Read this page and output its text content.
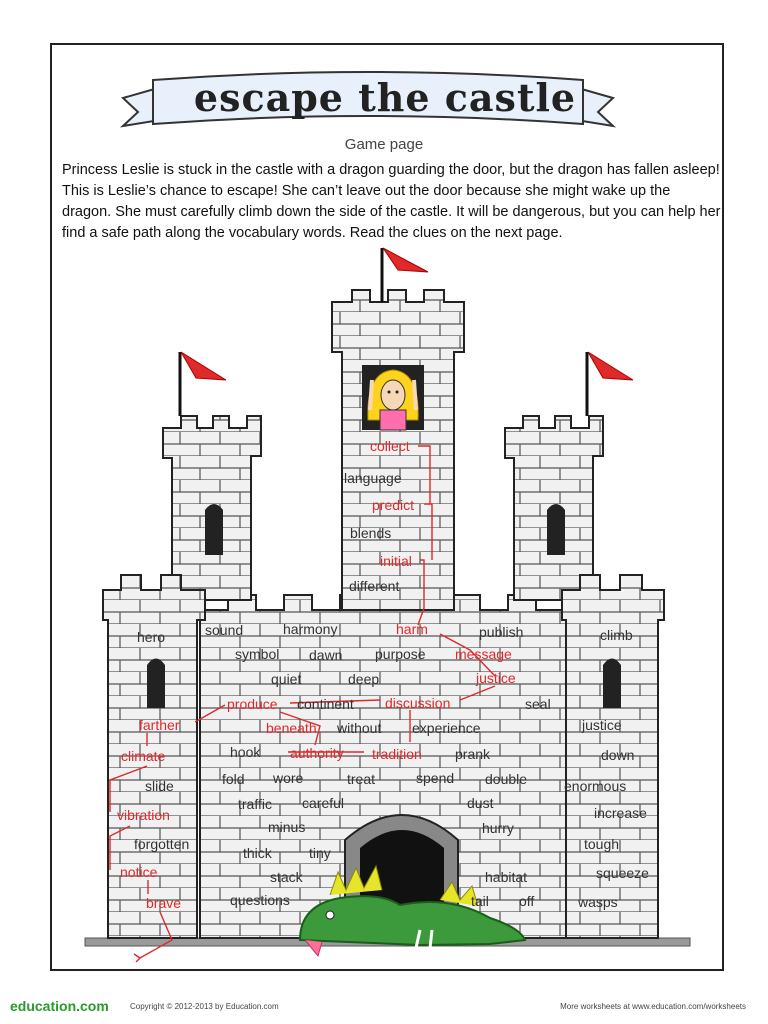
escape the castle
Game page
Princess Leslie is stuck in the castle with a dragon guarding the door, but the dragon has fallen asleep! This is Leslie’s chance to escape! She can’t leave out the door because she might wake up the dragon. She must carefully climb down the side of the castle. It will be dangerous, but you can help her find a safe path along the vocabulary words. Read the clues on the next page.
collect
language
predict
blends
initial
different
hero
farther
climate
slide
vibration
forgotten
notice
brave
climb
justice
down
enormous
increase
tough
squeeze
wasps
sound	harmony	harm	publish
symbol dawn purpose message
quiet	deep	justice
produce continent discussion	seal
beneath without experience
hook authority tradition prank
fold wore	treat	spend double
traffic careful	dust
minus	hurry
thick	tiny
stack	habitat
questions	tail off
education.com	Copyright © 2012-2013 by Education.com	More worksheets at www.education.com/worksheets
